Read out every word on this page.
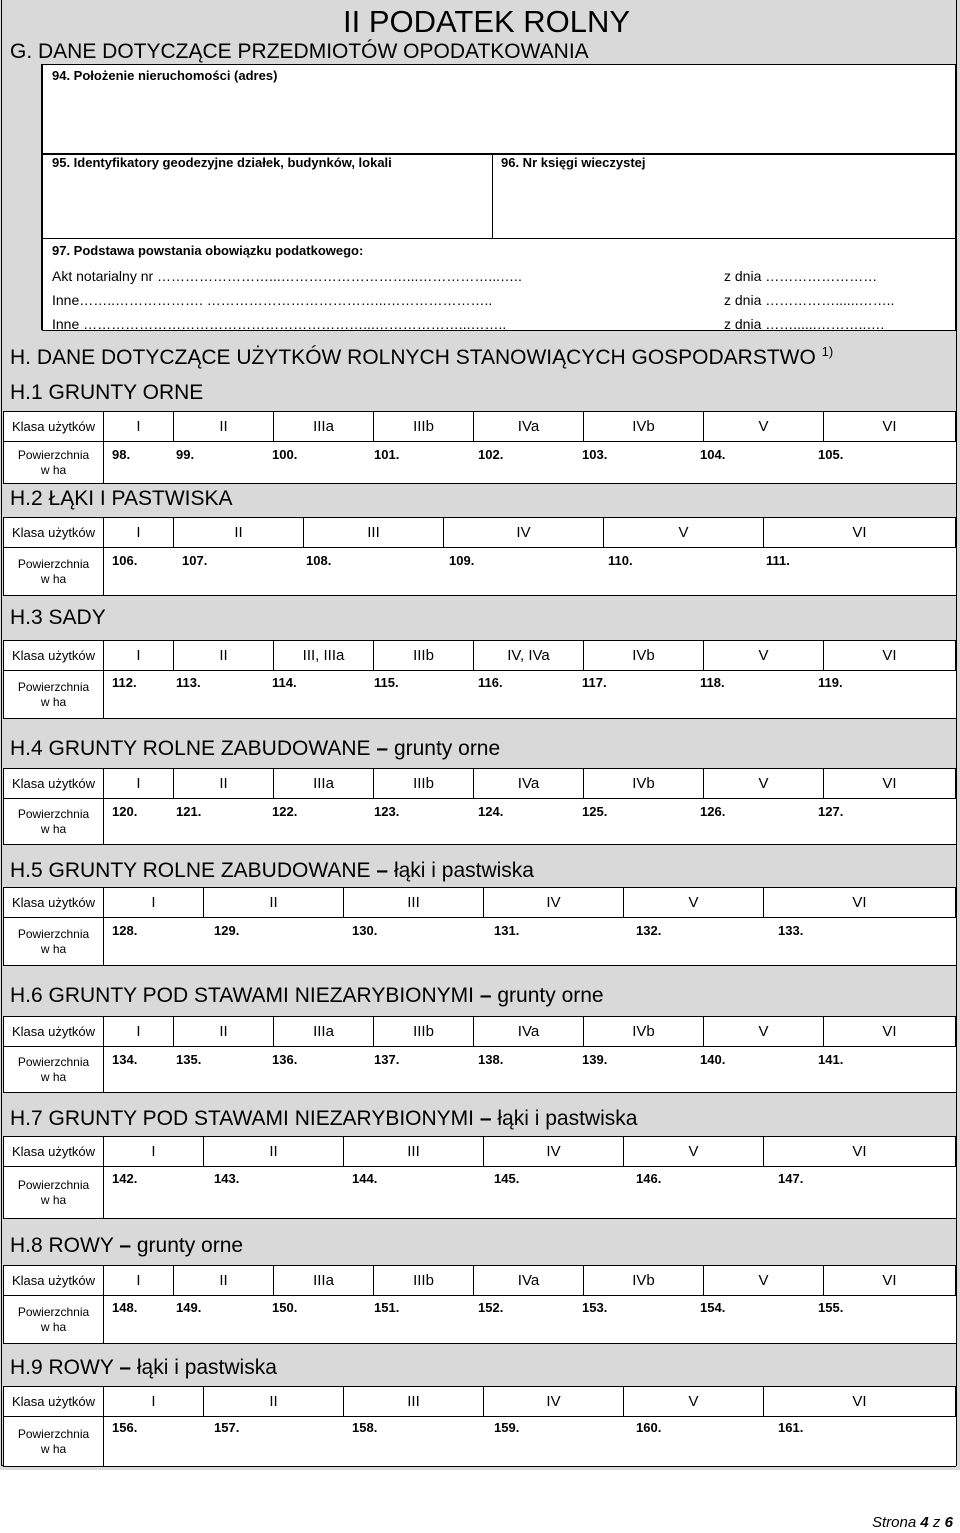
II PODATEK ROLNY
G. DANE DOTYCZĄCE PRZEDMIOTÓW OPODATKOWANIA
94. Położenie nieruchomości (adres)
95. Identyfikatory geodezyjne działek, budynków, lokali	96. Nr księgi wieczystej
97. Podstawa powstania obowiązku podatkowego:
Akt notarialny nr ……………………...………………………...……………...…..	z dnia ……………………
Inne……..………………. ………………………………...…………………..	z dnia ……………......……..
Inne ……………………………………………………...………………...……..	z dnia ……......………..….
H. DANE DOTYCZĄCE UŻYTKÓW ROLNYCH STANOWIĄCYCH GOSPODARSTWO $^{1)}$
H.1 GRUNTY ORNE
Klasa użytków	I	II	IIIa	IIIb	IVa	IVb	V	VI
Powierzchnia
w ha								
98.	99.	100.	101.	102.	103.	104.	105.
H.2 ŁĄKI I PASTWISKA
Klasa użytków	I	II	III	IV	V	VI
Powierzchnia
w ha						
106.	107.	108.	109.	110.	111.
H.3 SADY
Klasa użytków	I	II	III, IIIa	IIIb	IV, IVa	IVb	V	VI
Powierzchnia
w ha								
112.	113.	114.	115.	116.	117.	118.	119.
H.4 GRUNTY ROLNE ZABUDOWANE – grunty orne
Klasa użytków	I	II	IIIa	IIIb	IVa	IVb	V	VI
Powierzchnia
w ha								
120.	121.	122.	123.	124.	125.	126.	127.
H.5 GRUNTY ROLNE ZABUDOWANE – łąki i pastwiska
Klasa użytków	I	II	III	IV	V	VI
Powierzchnia
w ha						
128.	129.	130.	131.	132.	133.
H.6 GRUNTY POD STAWAMI NIEZARYBIONYMI – grunty orne
Klasa użytków	I	II	IIIa	IIIb	IVa	IVb	V	VI
Powierzchnia
w ha								
134.	135.	136.	137.	138.	139.	140.	141.
H.7 GRUNTY POD STAWAMI NIEZARYBIONYMI – łąki i pastwiska
Klasa użytków	I	II	III	IV	V	VI
Powierzchnia
w ha						
142.	143.	144.	145.	146.	147.
H.8 ROWY – grunty orne
Klasa użytków	I	II	IIIa	IIIb	IVa	IVb	V	VI
Powierzchnia
w ha								
148.	149.	150.	151.	152.	153.	154.	155.
H.9 ROWY – łąki i pastwiska
Klasa użytków	I	II	III	IV	V	VI
Powierzchnia
w ha						
156.	157.	158.	159.	160.	161.
Strona 4 z 6
